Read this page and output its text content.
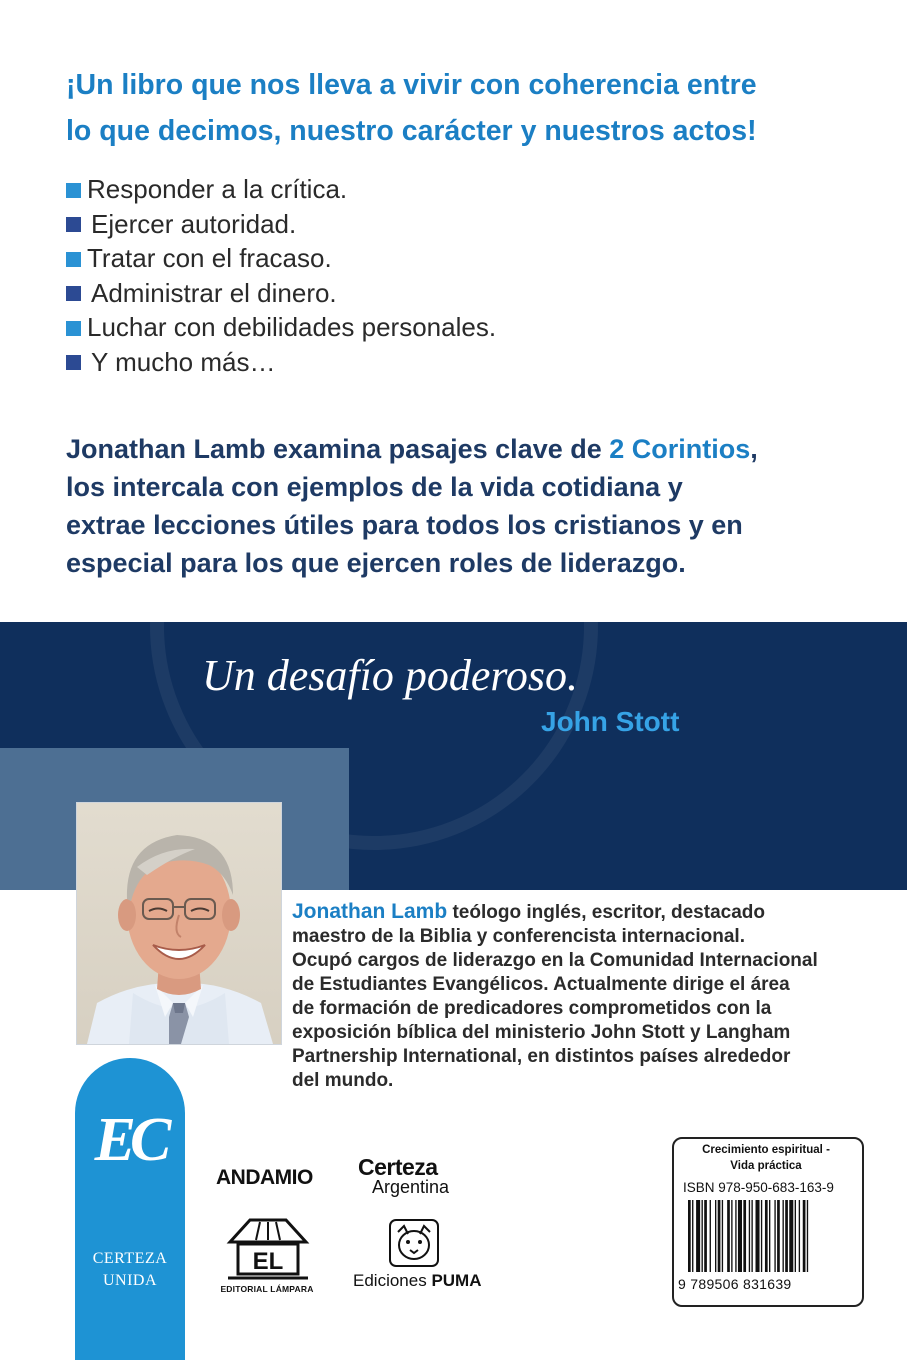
¡Un libro que nos lleva a vivir con coherencia entre
lo que decimos, nuestro carácter y nuestros actos!
Responder a la crítica.
Ejercer autoridad.
Tratar con el fracaso.
Administrar el dinero.
Luchar con debilidades personales.
Y mucho más…
Jonathan Lamb examina pasajes clave de 2 Corintios,
los intercala con ejemplos de la vida cotidiana y
extrae lecciones útiles para todos los cristianos y en
especial para los que ejercen roles de liderazgo.
Un desafío poderoso.
John Stott
Jonathan Lamb teólogo inglés, escritor, destacado
maestro de la Biblia y conferencista internacional.
Ocupó cargos de liderazgo en la Comunidad Internacional
de Estudiantes Evangélicos. Actualmente dirige el área
de formación de predicadores comprometidos con la
exposición bíblica del ministerio John Stott y Langham
Partnership International, en distintos países alrededor
del mundo.
EC
CERTEZA
UNIDA
ANDAMIO Certeza
Argentina
EL
EDITORIAL LÁMPARA	Ediciones PUMA
Crecimiento espiritual -
Vida práctica
ISBN 978-950-683-163-9
9 789506 831639
